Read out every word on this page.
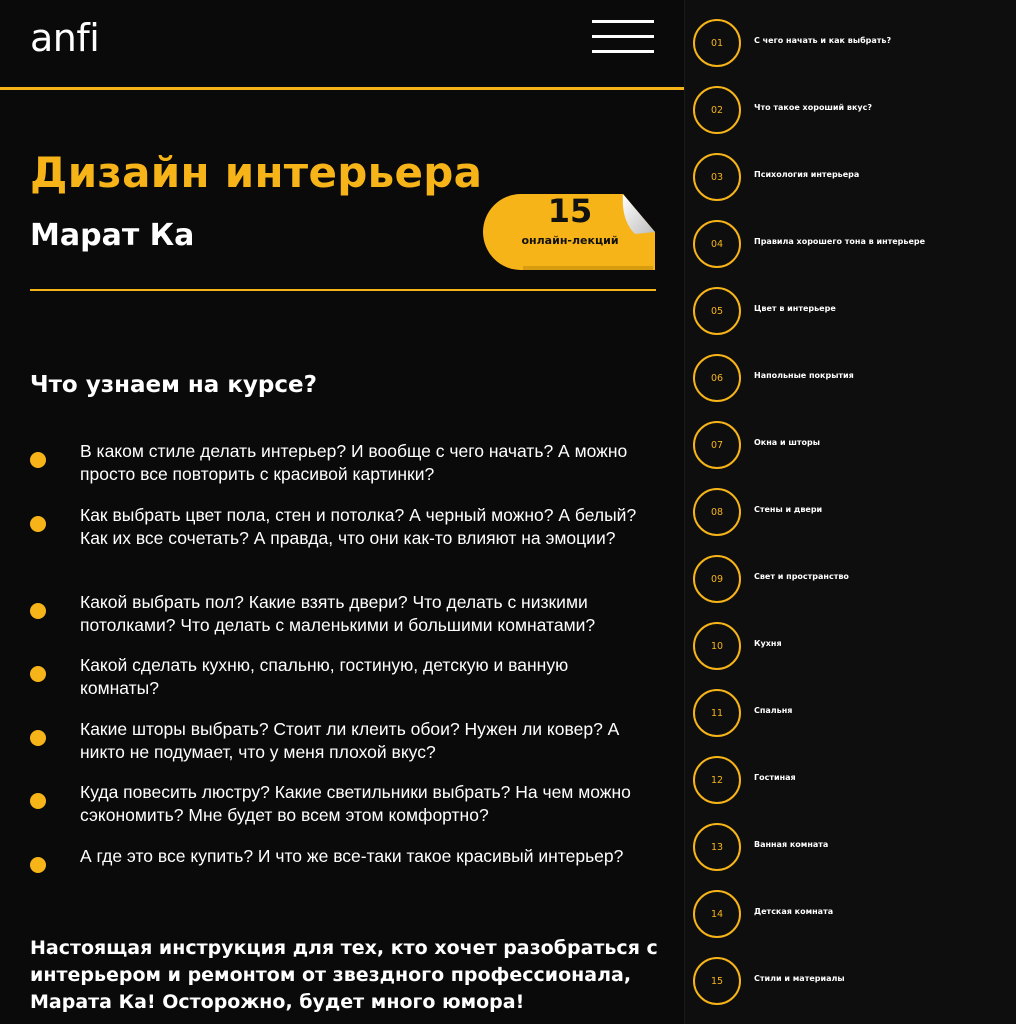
anfi
Дизайн интерьера
Марат Ка
15
онлайн-лекций
Что узнаем на курсе?
В каком стиле делать интерьер? И вообще с чего начать? А можно просто все повторить с красивой картинки?
Как выбрать цвет пола, стен и потолка? А черный можно? А белый? Как их все сочетать? А правда, что они как-то влияют на эмоции?
Какой выбрать пол? Какие взять двери? Что делать с низкими потолками? Что делать с маленькими и большими комнатами?
Какой сделать кухню, спальню, гостиную, детскую и ванную комнаты?
Какие шторы выбрать? Стоит ли клеить обои? Нужен ли ковер? А никто не подумает, что у меня плохой вкус?
Куда повесить люстру? Какие светильники выбрать? На чем можно сэкономить? Мне будет во всем этом комфортно?
А где это все купить? И что же все-таки такое красивый интерьер?

Настоящая инструкция для тех, кто хочет разобраться с интерьером и ремонтом от звездного профессионала, Марата Ка! Осторожно, будет много юмора!

01	С чего начать и как выбрать?
02	Что такое хороший вкус?
03	Психология интерьера
04	Правила хорошего тона в интерьере
05	Цвет в интерьере
06	Напольные покрытия
07	Окна и шторы
08	Стены и двери
09	Свет и пространство
10	Кухня
11	Спальня
12	Гостиная
13	Ванная комната
14	Детская комната
15	Стили и материалы
